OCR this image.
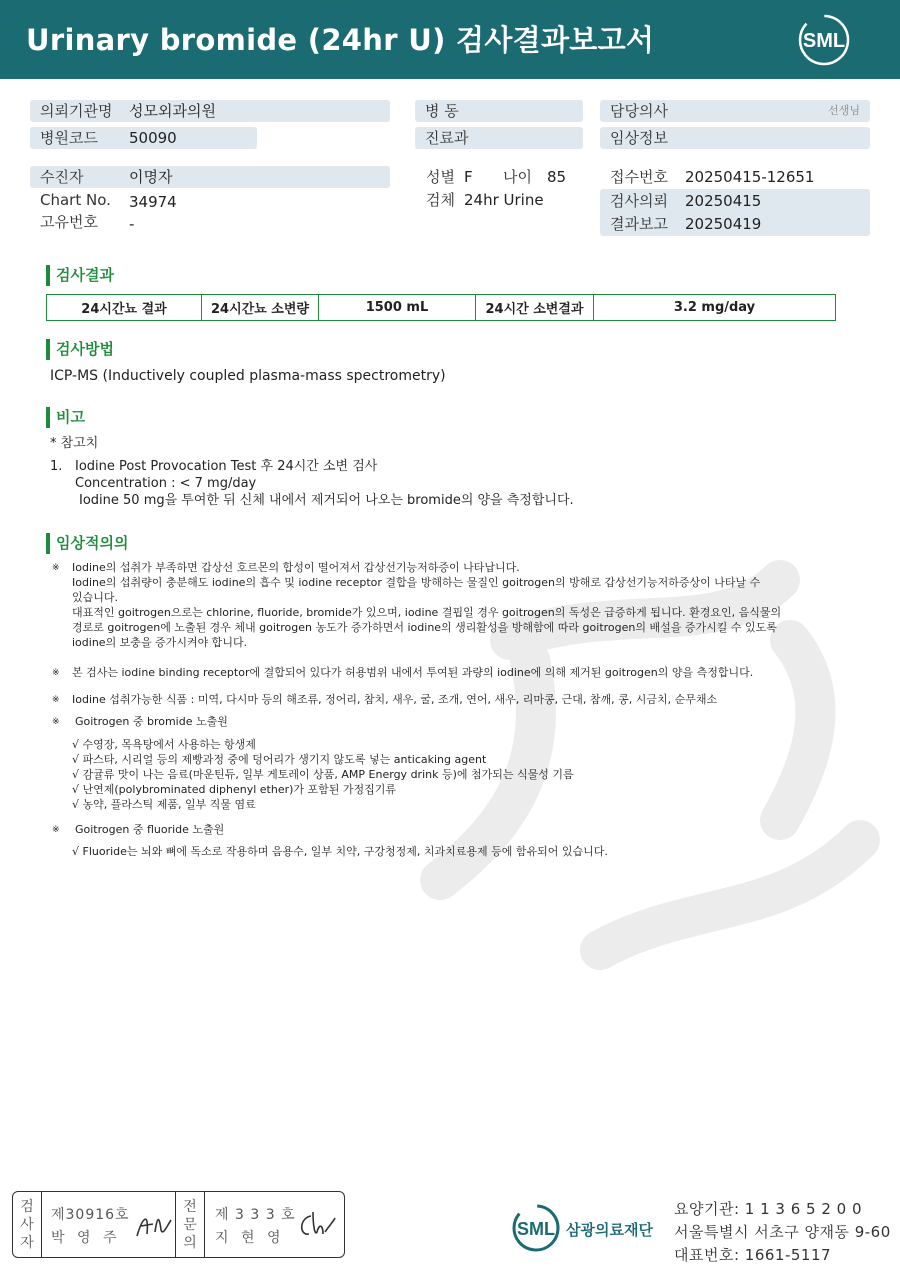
Urinary bromide (24hr U) 검사결과보고서	SML
의뢰기관명	성모외과의원
병원코드	50090
병 동
진료과
담당의사	선생님
임상정보
수진자	이명자
Chart No. 34974
고유번호 -
성별 F 나이 85
검체 24hr Urine
접수번호 20250415-12651
검사의뢰 20250415
결과보고 20250419
검사결과
24시간뇨 결과	24시간뇨 소변량	1500 mL	24시간 소변결과	3.2 mg/day
검사방법
ICP-MS (Inductively coupled plasma-mass spectrometry)
비고
* 참고치
1. Iodine Post Provocation Test 후 24시간 소변 검사
Concentration : < 7 mg/day
Iodine 50 mg을 투여한 뒤 신체 내에서 제거되어 나오는 bromide의 양을 측정합니다.
임상적의의
※ Iodine의 섭취가 부족하면 갑상선 호르몬의 합성이 떨어져서 갑상선기능저하증이 나타납니다.
Iodine의 섭취량이 충분해도 iodine의 흡수 및 iodine receptor 결합을 방해하는 물질인 goitrogen의 방해로 갑상선기능저하증상이 나타날 수
있습니다.
대표적인 goitrogen으로는 chlorine, fluoride, bromide가 있으며, iodine 결핍일 경우 goitrogen의 독성은 급증하게 됩니다. 환경요인, 음식물의
경로로 goitrogen에 노출된 경우 체내 goitrogen 농도가 증가하면서 iodine의 생리활성을 방해함에 따라 goitrogen의 배설을 증가시킬 수 있도록
iodine의 보충을 증가시켜야 합니다.
※ 본 검사는 iodine binding receptor에 결합되어 있다가 허용범위 내에서 투여된 과량의 iodine에 의해 제거된 goitrogen의 양을 측정합니다.
※ Iodine 섭취가능한 식품 : 미역, 다시마 등의 해조류, 정어리, 참치, 새우, 굴, 조개, 연어, 새우, 리마콩, 근대, 참깨, 콩, 시금치, 순무채소
※ Goitrogen 중 bromide 노출원
√ 수영장, 목욕탕에서 사용하는 항생제
√ 파스타, 시리얼 등의 제빵과정 중에 덩어리가 생기지 않도록 넣는 anticaking agent
√ 감귤류 맛이 나는 음료(마운틴듀, 일부 게토레이 상품, AMP Energy drink 등)에 첨가되는 식물성 기름
√ 난연제(polybrominated diphenyl ether)가 포함된 가정집기류
√ 농약, 플라스틱 제품, 일부 직물 염료
※ Goitrogen 중 fluoride 노출원
√ Fluoride는 뇌와 뼈에 독소로 작용하며 음용수, 일부 치약, 구강청정제, 치과치료용제 등에 함유되어 있습니다.
검
사
자
제30916호
박 영 주
전
문
의
제 3 3 3 호
지 현 영	SML 삼광의료재단
요양기관: 1 1 3 6 5 2 0 0
서울특별시 서초구 양재동 9-60
대표번호: 1661-5117
